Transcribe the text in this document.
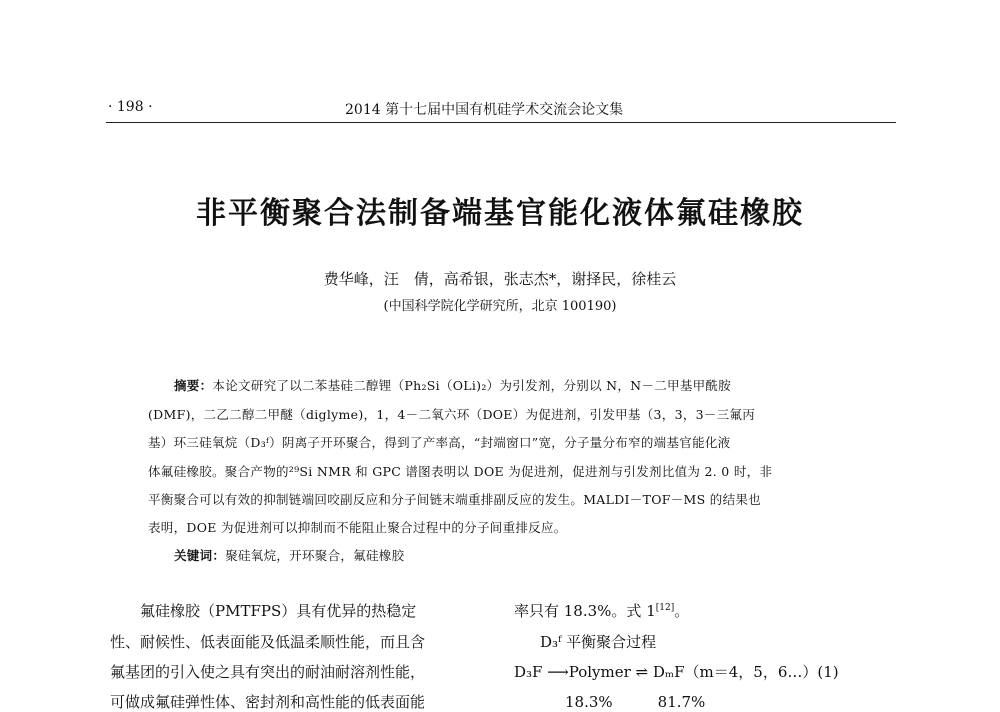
· 198 ·	2014 第十七届中国有机硅学术交流会论文集
非平衡聚合法制备端基官能化液体氟硅橡胶
费华峰，汪　倩，高希银，张志杰*，谢择民，徐桂云
(中国科学院化学研究所，北京 100190)
摘要：本论文研究了以二苯基硅二醇锂（Ph₂Si（OLi)₂）为引发剂，分别以 N，N－二甲基甲酰胺
(DMF)，二乙二醇二甲醚（diglyme)，1，4－二氧六环（DOE）为促进剂，引发甲基（3，3，3－三氟丙
基）环三硅氧烷（D₃ᶠ）阴离子开环聚合，得到了产率高，“封端窗口”宽，分子量分布窄的端基官能化液
体氟硅橡胶。聚合产物的²⁹Si NMR 和 GPC 谱图表明以 DOE 为促进剂，促进剂与引发剂比值为 2. 0 时，非
平衡聚合可以有效的抑制链端回咬副反应和分子间链末端重排副反应的发生。MALDI－TOF－MS 的结果也
表明，DOE 为促进剂可以抑制而不能阻止聚合过程中的分子间重排反应。
关键词：聚硅氧烷，开环聚合，氟硅橡胶
　　氟硅橡胶（PMTFPS）具有优异的热稳定
性、耐候性、低表面能及低温柔顺性能，而且含
氟基团的引入使之具有突出的耐油耐溶剂性能，
可做成氟硅弹性体、密封剂和高性能的低表面能
率只有 18.3%。式 1[12]。
D₃ᶠ 平衡聚合过程
D₃F ⟶Polymer ⇌ DₘF（m＝4，5，6…）(1)
18.3%　　　81.7%
